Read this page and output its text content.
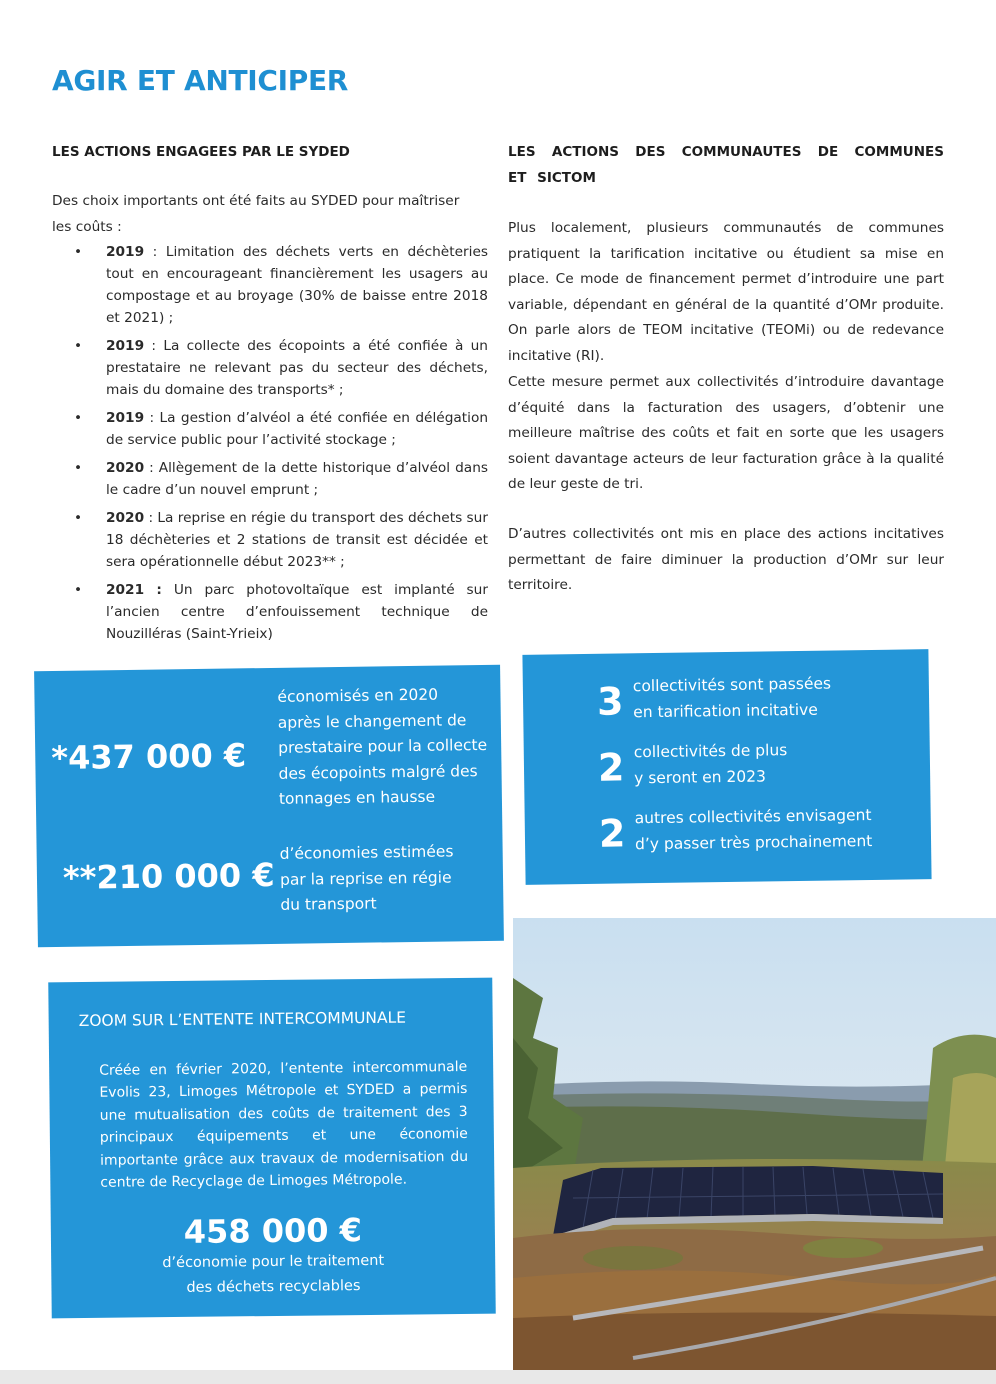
AGIR ET ANTICIPER
LES ACTIONS ENGAGEES PAR LE SYDED
Des choix importants ont été faits au SYDED pour maîtriser
les coûts :
• 2019 : Limitation des déchets verts en déchèteries tout en encourageant financièrement les usagers au compostage et au broyage (30% de baisse entre 2018 et 2021) ;
• 2019 : La collecte des écopoints a été confiée à un prestataire ne relevant pas du secteur des déchets, mais du domaine des transports* ;
• 2019 : La gestion d’alvéol a été confiée en délégation de service public pour l’activité stockage ;
• 2020 : Allègement de la dette historique d’alvéol dans le cadre d’un nouvel emprunt ;
• 2020 : La reprise en régie du transport des déchets sur 18 déchèteries et 2 stations de transit est décidée et sera opérationnelle début 2023** ;
• 2021 : Un parc photovoltaïque est implanté sur l’ancien centre d’enfouissement technique de Nouzilléras (Saint-Yrieix)
LES ACTIONS DES COMMUNAUTES DE COMMUNES ET SICTOM

Plus localement, plusieurs communautés de communes pratiquent la tarification incitative ou étudient sa mise en place. Ce mode de financement permet d’introduire une part variable, dépendant en général de la quantité d’OMr produite. On parle alors de TEOM incitative (TEOMi) ou de redevance incitative (RI).

Cette mesure permet aux collectivités d’introduire davantage d’équité dans la facturation des usagers, d’obtenir une meilleure maîtrise des coûts et fait en sorte que les usagers soient davantage acteurs de leur facturation grâce à la qualité de leur geste de tri.

D’autres collectivités ont mis en place des actions incitatives permettant de faire diminuer la production d’OMr sur leur territoire.

*437 000 €
économisés en 2020
après le changement de
prestataire pour la collecte
des écopoints malgré des
tonnages en hausse
**210 000 €
d’économies estimées
par la reprise en régie
du transport
3 collectivités sont passées
en tarification incitative
2 collectivités de plus
y seront en 2023
2 autres collectivités envisagent
d’y passer très prochainement
ZOOM SUR L’ENTENTE INTERCOMMUNALE

Créée en février 2020, l’entente intercommunale Evolis 23, Limoges Métropole et SYDED a permis une mutualisation des coûts de traitement des 3 principaux équipements et une économie importante grâce aux travaux de modernisation du centre de Recyclage de Limoges Métropole.

458 000 €
d’économie pour le traitement
des déchets recyclables
